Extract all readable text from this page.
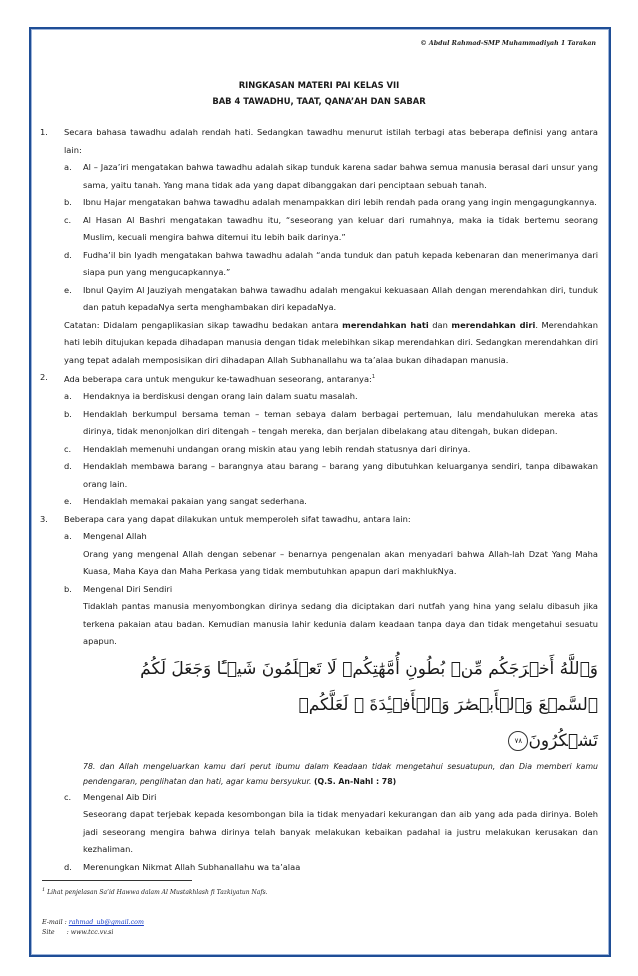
© Abdul Rahmad-SMP Muhammadiyah 1 Tarakan
RINGKASAN MATERI PAI KELAS VII
BAB 4 TAWADHU, TAAT, QANA’AH DAN SABAR
1. Secara bahasa tawadhu adalah rendah hati. Sedangkan tawadhu menurut istilah terbagi atas beberapa definisi yang antara lain:
a. Al – Jaza’iri mengatakan bahwa tawadhu adalah sikap tunduk karena sadar bahwa semua manusia berasal dari unsur yang sama, yaitu tanah. Yang mana tidak ada yang dapat dibanggakan dari penciptaan sebuah tanah.
b. Ibnu Hajar mengatakan bahwa tawadhu adalah menampakkan diri lebih rendah pada orang yang ingin mengagungkannya.
c. Al Hasan Al Bashri mengatakan tawadhu itu, “seseorang yan keluar dari rumahnya, maka ia tidak bertemu seorang Muslim, kecuali mengira bahwa ditemui itu lebih baik darinya.”
d. Fudha’il bin Iyadh mengatakan bahwa tawadhu adalah “anda tunduk dan patuh kepada kebenaran dan menerimanya dari siapa pun yang mengucapkannya.”
e. Ibnul Qayim Al Jauziyah mengatakan bahwa tawadhu adalah mengakui kekuasaan Allah dengan merendahkan diri, tunduk dan patuh kepadaNya serta menghambakan diri kepadaNya.
Catatan: Didalam pengaplikasian sikap tawadhu bedakan antara merendahkan hati dan merendahkan diri. Merendahkan hati lebih ditujukan kepada dihadapan manusia dengan tidak melebihkan sikap merendahkan diri. Sedangkan merendahkan diri yang tepat adalah memposisikan diri dihadapan Allah Subhanallahu wa ta’alaa bukan dihadapan manusia.
2. Ada beberapa cara untuk mengukur ke-tawadhuan seseorang, antaranya:$^1$
a. Hendaknya ia berdiskusi dengan orang lain dalam suatu masalah.
b. Hendaklah berkumpul bersama teman – teman sebaya dalam berbagai pertemuan, lalu mendahulukan mereka atas dirinya, tidak menonjolkan diri ditengah – tengah mereka, dan berjalan dibelakang atau ditengah, bukan didepan.
c. Hendaklah memenuhi undangan orang miskin atau yang lebih rendah statusnya dari dirinya.
d. Hendaklah membawa barang – barangnya atau barang – barang yang dibutuhkan keluarganya sendiri, tanpa dibawakan orang lain.
e. Hendaklah memakai pakaian yang sangat sederhana.
3. Beberapa cara yang dapat dilakukan untuk memperoleh sifat tawadhu, antara lain:
a. Mengenal Allah
Orang yang mengenal Allah dengan sebenar – benarnya pengenalan akan menyadari bahwa Allah-lah Dzat Yang Maha Kuasa, Maha Kaya dan Maha Perkasa yang tidak membutuhkan apapun dari makhlukNya.
b. Mengenal Diri Sendiri
Tidaklah pantas manusia menyombongkan dirinya sedang dia diciptakan dari nutfah yang hina yang selalu dibasuh jika terkena pakaian atau badan. Kemudian manusia lahir kedunia dalam keadaan tanpa daya dan tidak mengetahui sesuatu apapun.
وَٱللَّهُ أَخۡرَجَكُم مِّنۢ بُطُونِ أُمَّهَٰتِكُمۡ لَا تَعۡلَمُونَ شَيۡـًٔا وَجَعَلَ لَكُمُ ٱلسَّمۡعَ وَٱلۡأَبۡصَٰرَ وَٱلۡأَفۡـِٔدَةَ ۙ لَعَلَّكُمۡ
تَشۡكُرُونَ٧٨
78. dan Allah mengeluarkan kamu dari perut ibumu dalam Keadaan tidak mengetahui sesuatupun, dan Dia memberi kamu pendengaran, penglihatan dan hati, agar kamu bersyukur. (Q.S. An-Nahl : 78)
c. Mengenal Aib Diri
Seseorang dapat terjebak kepada kesombongan bila ia tidak menyadari kekurangan dan aib yang ada pada dirinya. Boleh jadi seseorang mengira bahwa dirinya telah banyak melakukan kebaikan padahal ia justru melakukan kerusakan dan kezhaliman.
d. Merenungkan Nikmat Allah Subhanallahu wa ta’alaa
$^1$ Lihat penjelasan Sa’id Hawwa dalam Al Mustakhlash fi Tazkiyatun Nafs.
E-mail : rahmad_ub@gmail.com
Site      : www.tcc.vv.si
